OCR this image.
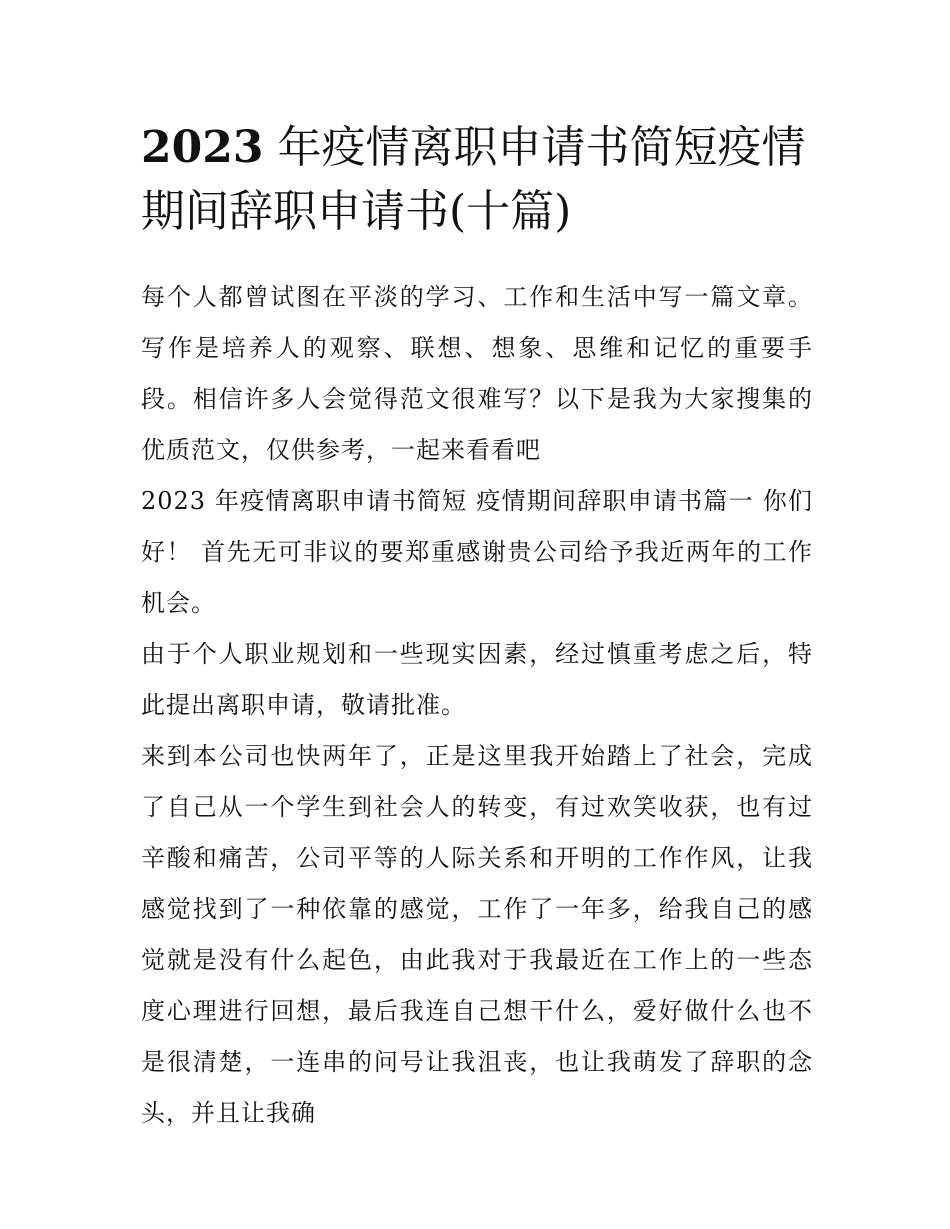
2023 年疫情离职申请书简短疫情期间辞职申请书(十篇)

每个人都曾试图在平淡的学习、工作和生活中写一篇文章。写作是培养人的观察、联想、想象、思维和记忆的重要手段。相信许多人会觉得范文很难写？以下是我为大家搜集的优质范文，仅供参考，一起来看看吧

2023 年疫情离职申请书简短 疫情期间辞职申请书篇一 你们好！ 首先无可非议的要郑重感谢贵公司给予我近两年的工作机会。

由于个人职业规划和一些现实因素，经过慎重考虑之后，特此提出离职申请，敬请批准。

来到本公司也快两年了，正是这里我开始踏上了社会，完成了自己从一个学生到社会人的转变，有过欢笑收获，也有过辛酸和痛苦，公司平等的人际关系和开明的工作作风，让我感觉找到了一种依靠的感觉，工作了一年多，给我自己的感觉就是没有什么起色，由此我对于我最近在工作上的一些态度心理进行回想，最后我连自己想干什么，爱好做什么也不是很清楚，一连串的问号让我沮丧，也让我萌发了辞职的念头，并且让我确
